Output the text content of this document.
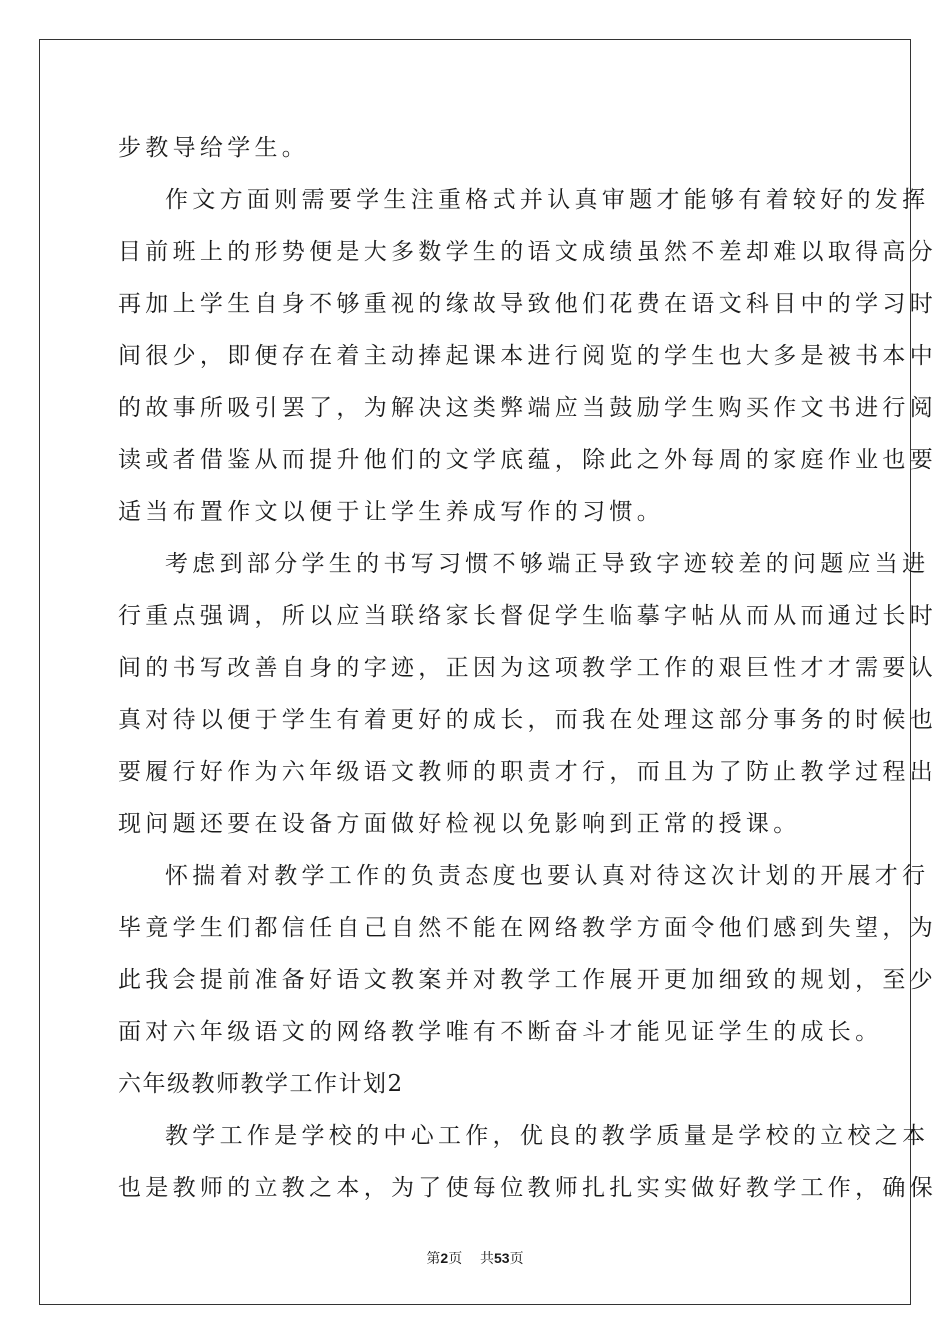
步教导给学生。
作文方面则需要学生注重格式并认真审题才能够有着较好的发挥
目前班上的形势便是大多数学生的语文成绩虽然不差却难以取得高分
再加上学生自身不够重视的缘故导致他们花费在语文科目中的学习时
间很少，即便存在着主动捧起课本进行阅览的学生也大多是被书本中
的故事所吸引罢了，为解决这类弊端应当鼓励学生购买作文书进行阅
读或者借鉴从而提升他们的文学底蕴，除此之外每周的家庭作业也要
适当布置作文以便于让学生养成写作的习惯。
考虑到部分学生的书写习惯不够端正导致字迹较差的问题应当进
行重点强调，所以应当联络家长督促学生临摹字帖从而从而通过长时
间的书写改善自身的字迹，正因为这项教学工作的艰巨性才才需要认
真对待以便于学生有着更好的成长，而我在处理这部分事务的时候也
要履行好作为六年级语文教师的职责才行，而且为了防止教学过程出
现问题还要在设备方面做好检视以免影响到正常的授课。
怀揣着对教学工作的负责态度也要认真对待这次计划的开展才行
毕竟学生们都信任自己自然不能在网络教学方面令他们感到失望，为
此我会提前准备好语文教案并对教学工作展开更加细致的规划，至少
面对六年级语文的网络教学唯有不断奋斗才能见证学生的成长。
六年级教师教学工作计划2
教学工作是学校的中心工作，优良的教学质量是学校的立校之本
也是教师的立教之本，为了使每位教师扎扎实实做好教学工作，确保
第2页 共53页
